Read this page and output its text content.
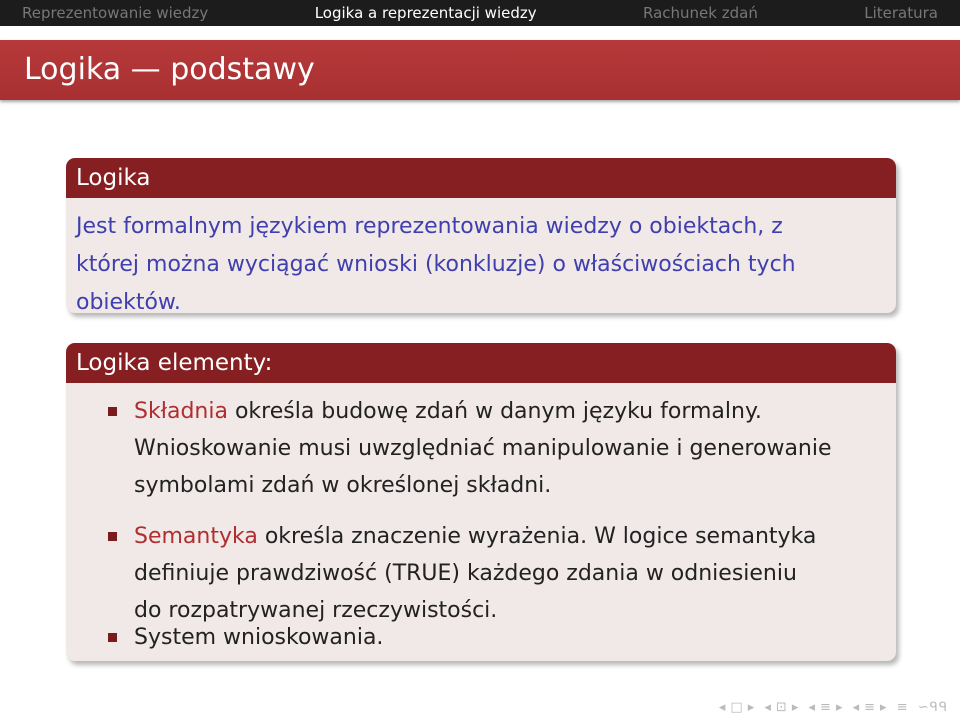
Reprezentowanie wiedzy	Logika a reprezentacji wiedzy	Rachunek zdań	Literatura
Logika — podstawy
Logika
Jest formalnym językiem reprezentowania wiedzy o obiektach, z
której można wyciągać wnioski (konkluzje) o właściwościach tych
obiektów.
Logika elementy:
Składnia określa budowę zdań w danym języku formalny.
Wnioskowanie musi uwzględniać manipulowanie i generowanie
symbolami zdań w określonej składni.
Semantyka określa znaczenie wyrażenia. W logice semantyka
definiuje prawdziwość (TRUE) każdego zdania w odniesieniu
do rozpatrywanej rzeczywistości.
System wnioskowania.
◂ □ ▸ ◂ ⊡ ▸ ◂ ≡ ▸ ◂ ≡ ▸ ≡ ∽ᑫᑫ
